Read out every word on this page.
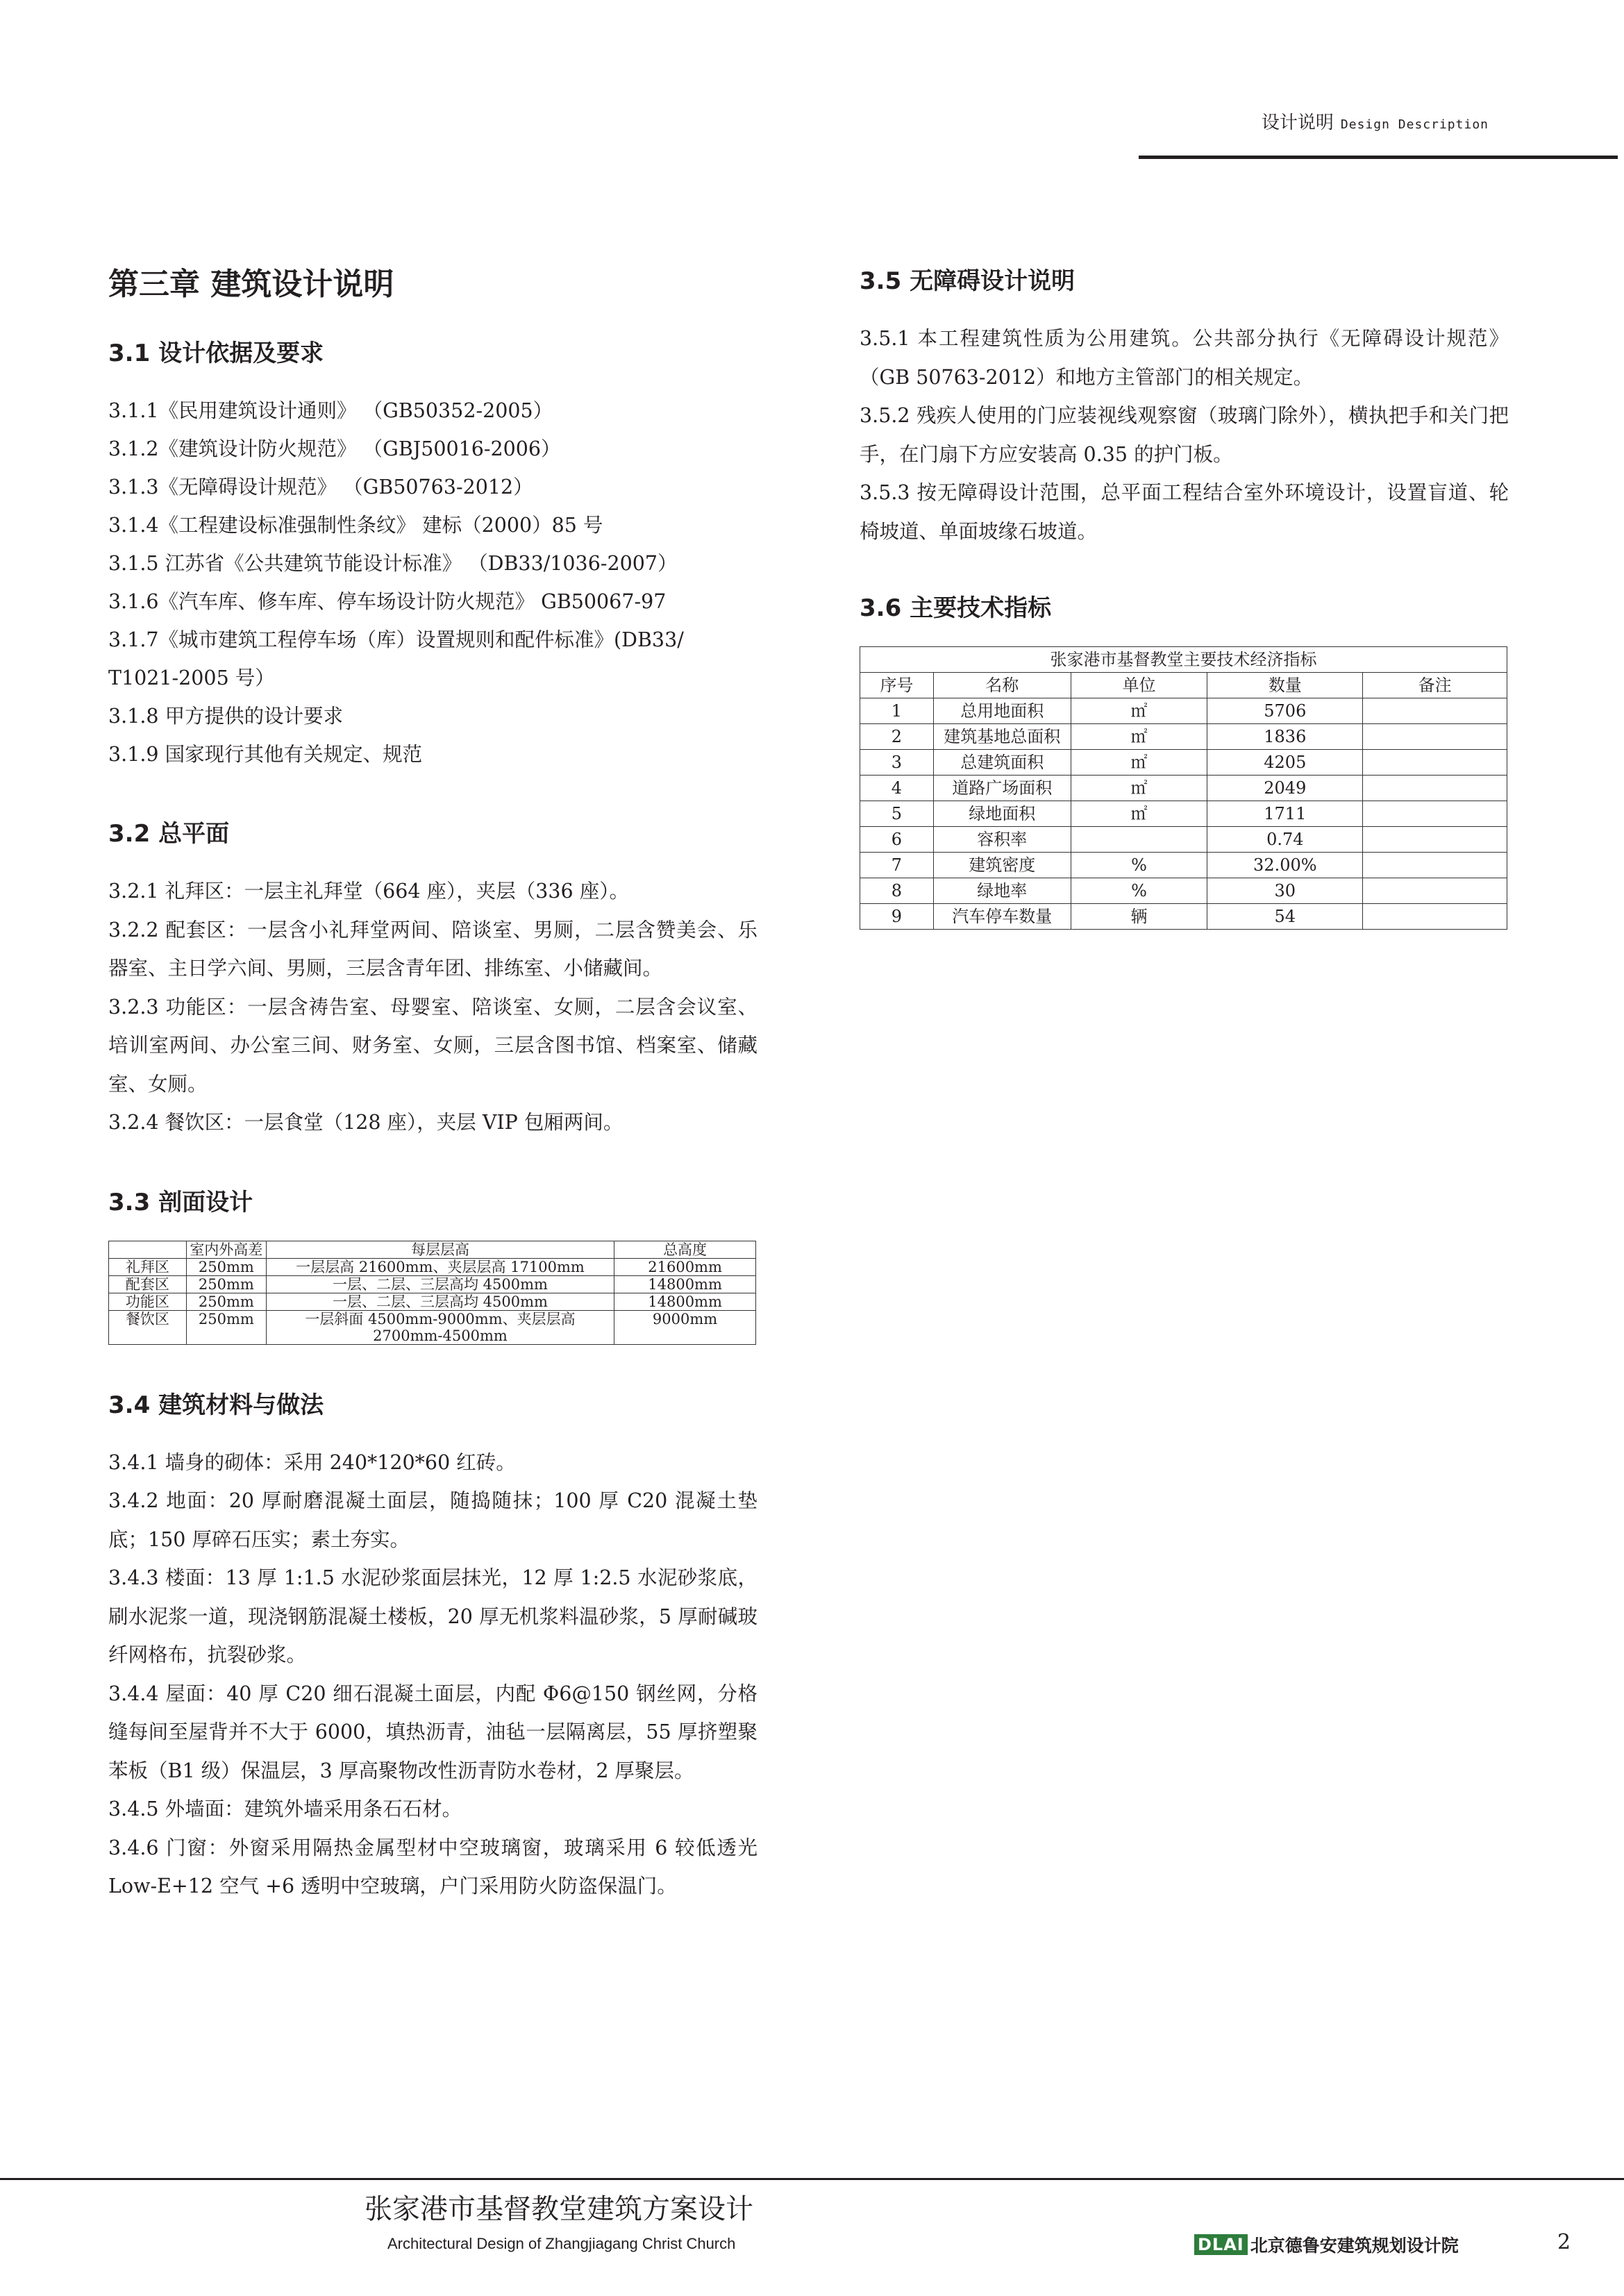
设计说明 Design Description
第三章 建筑设计说明
3.1 设计依据及要求
3.1.1《民用建筑设计通则》 （GB50352-2005）
3.1.2《建筑设计防火规范》 （GBJ50016-2006）
3.1.3《无障碍设计规范》 （GB50763-2012）
3.1.4《工程建设标准强制性条纹》 建标（2000）85 号
3.1.5 江苏省《公共建筑节能设计标准》 （DB33/1036-2007）
3.1.6《汽车库、修车库、停车场设计防火规范》 GB50067-97
3.1.7《城市建筑工程停车场（库）设置规则和配件标准》(DB33/
T1021-2005 号）
3.1.8 甲方提供的设计要求
3.1.9 国家现行其他有关规定、规范
3.2 总平面
3.2.1 礼拜区：一层主礼拜堂（664 座），夹层（336 座）。
3.2.2 配套区：一层含小礼拜堂两间、陪谈室、男厕，二层含赞美会、乐器室、主日学六间、男厕，三层含青年团、排练室、小储藏间。
3.2.3 功能区：一层含祷告室、母婴室、陪谈室、女厕，二层含会议室、培训室两间、办公室三间、财务室、女厕，三层含图书馆、档案室、储藏室、女厕。
3.2.4 餐饮区：一层食堂（128 座），夹层 VIP 包厢两间。
3.3 剖面设计
	室内外高差	每层层高	总高度
礼拜区	250mm	一层层高 21600mm、夹层层高 17100mm	21600mm
配套区	250mm	一层、二层、三层高均 4500mm	14800mm
功能区	250mm	一层、二层、三层高均 4500mm	14800mm
餐饮区	250mm	一层斜面 4500mm-9000mm、夹层层高 2700mm-4500mm	9000mm
3.4 建筑材料与做法
3.4.1 墙身的砌体：采用 240*120*60 红砖。
3.4.2 地面：20 厚耐磨混凝土面层，随捣随抹；100 厚 C20 混凝土垫底；150 厚碎石压实；素土夯实。
3.4.3 楼面：13 厚 1:1.5 水泥砂浆面层抹光，12 厚 1:2.5 水泥砂浆底，刷水泥浆一道，现浇钢筋混凝土楼板，20 厚无机浆料温砂浆，5 厚耐碱玻纤网格布，抗裂砂浆。
3.4.4 屋面：40 厚 C20 细石混凝土面层，内配 Φ6@150 钢丝网，分格缝每间至屋背并不大于 6000，填热沥青，油毡一层隔离层，55 厚挤塑聚苯板（B1 级）保温层，3 厚高聚物改性沥青防水卷材，2 厚聚层。
3.4.5 外墙面：建筑外墙采用条石石材。
3.4.6 门窗：外窗采用隔热金属型材中空玻璃窗，玻璃采用 6 较低透光 Low-E+12 空气 +6 透明中空玻璃，户门采用防火防盗保温门。
3.5 无障碍设计说明
3.5.1 本工程建筑性质为公用建筑。公共部分执行《无障碍设计规范》（GB 50763-2012）和地方主管部门的相关规定。
3.5.2 残疾人使用的门应装视线观察窗（玻璃门除外），横执把手和关门把手，在门扇下方应安装高 0.35 的护门板。
3.5.3 按无障碍设计范围，总平面工程结合室外环境设计，设置盲道、轮椅坡道、单面坡缘石坡道。
3.6 主要技术指标
张家港市基督教堂主要技术经济指标				
序号	名称	单位	数量	备注
1	总用地面积	㎡	5706	
2	建筑基地总面积	㎡	1836	
3	总建筑面积	㎡	4205	
4	道路广场面积	㎡	2049	
5	绿地面积	㎡	1711	
6	容积率		0.74	
7	建筑密度	%	32.00%	
8	绿地率	%	30	
9	汽车停车数量	辆	54	
张家港市基督教堂建筑方案设计
Architectural Design of Zhangjiagang Christ Church	DLAI 北京德鲁安建筑规划设计院	2
